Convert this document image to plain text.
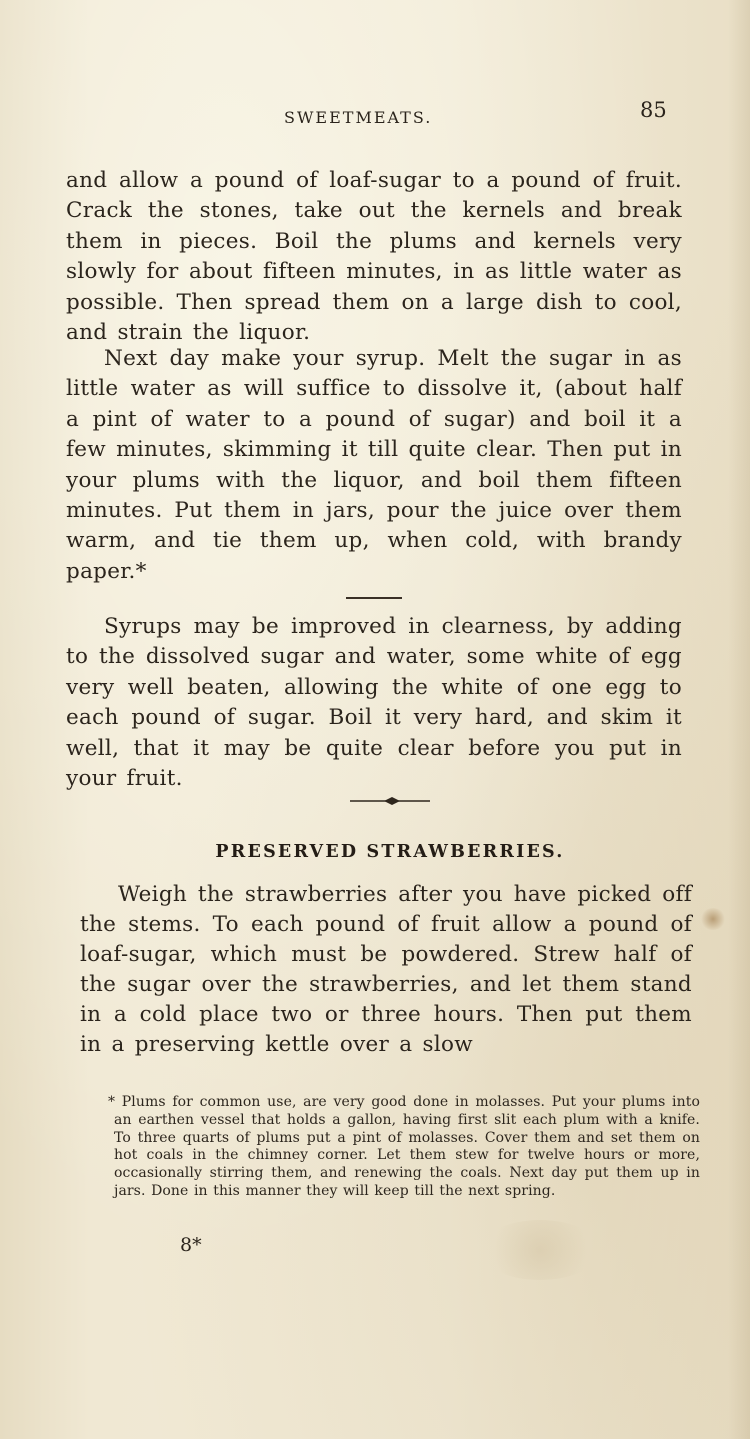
SWEETMEATS.	85

and allow a pound of loaf-sugar to a pound of fruit. Crack the stones, take out the kernels and break them in pieces. Boil the plums and kernels very slowly for about fifteen minutes, in as little water as possible. Then spread them on a large dish to cool, and strain the liquor.

Next day make your syrup. Melt the sugar in as little water as will suffice to dissolve it, (about half a pint of water to a pound of sugar) and boil it a few minutes, skimming it till quite clear. Then put in your plums with the liquor, and boil them fifteen minutes. Put them in jars, pour the juice over them warm, and tie them up, when cold, with brandy paper.*

Syrups may be improved in clearness, by adding to the dissolved sugar and water, some white of egg very well beaten, allowing the white of one egg to each pound of sugar. Boil it very hard, and skim it well, that it may be quite clear before you put in your fruit.

PRESERVED STRAWBERRIES.

Weigh the strawberries after you have picked off the stems. To each pound of fruit allow a pound of loaf-sugar, which must be powdered. Strew half of the sugar over the strawberries, and let them stand in a cold place two or three hours. Then put them in a preserving kettle over a slow

* Plums for common use, are very good done in molasses. Put your plums into an earthen vessel that holds a gallon, having first slit each plum with a knife. To three quarts of plums put a pint of molasses. Cover them and set them on hot coals in the chimney corner. Let them stew for twelve hours or more, occasionally stirring them, and renewing the coals. Next day put them up in jars. Done in this manner they will keep till the next spring.
8*
